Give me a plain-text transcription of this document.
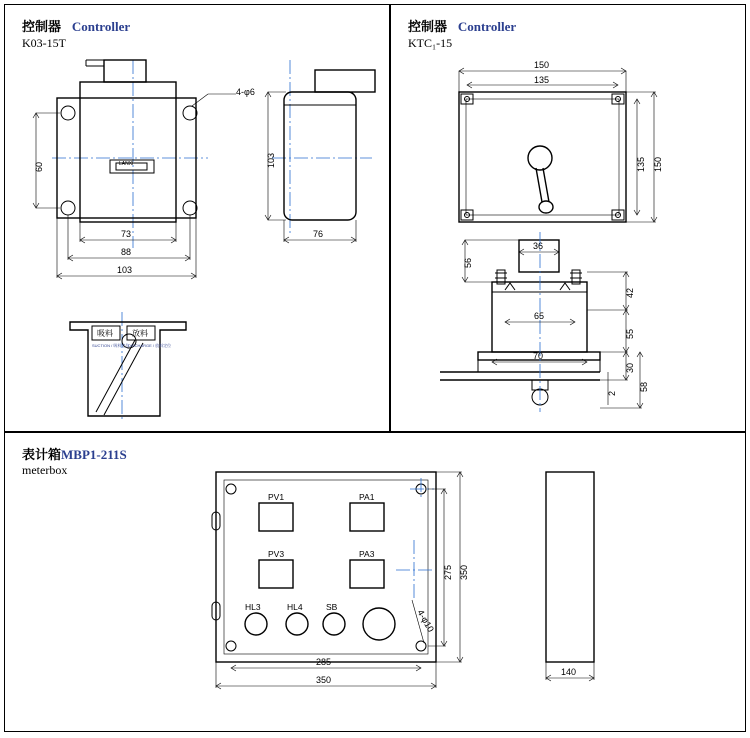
控制器 Controller
K03-15T
4-φ6
60
73
88
103
103
76
LANXI
吸料 放料
SUCTION / 吸料定位
DISCHARGE / 放料定位
控制器 Controller
KTC₁-15
150
135
135 150
56
36
42
65
55
70
30
2
58
表计箱MBP1-211S
meterbox
PV1	PA1
PV3	PA3
HL3	HL4	SB
4-φ10
275 350
285
350
140
